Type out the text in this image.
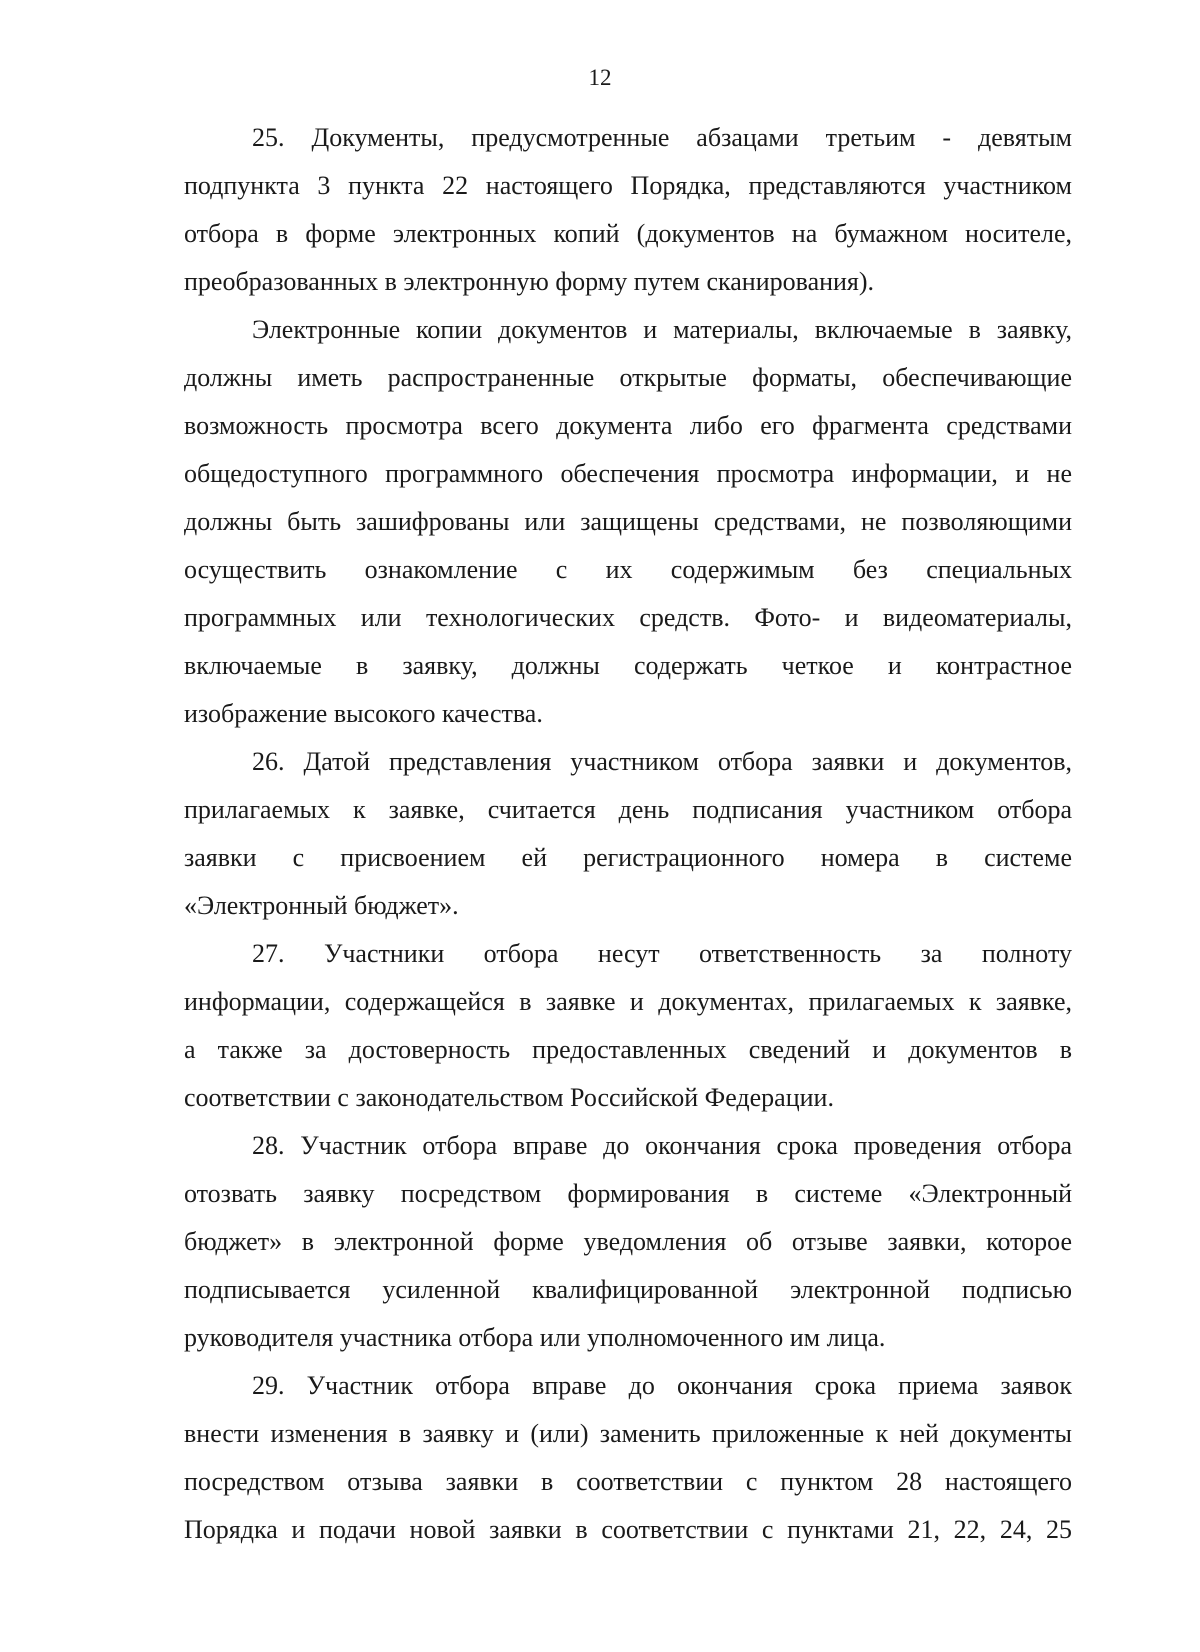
12
25. Документы, предусмотренные абзацами третьим - девятым
подпункта 3 пункта 22 настоящего Порядка, представляются участником
отбора в форме электронных копий (документов на бумажном носителе,
преобразованных в электронную форму путем сканирования).
Электронные копии документов и материалы, включаемые в заявку,
должны иметь распространенные открытые форматы, обеспечивающие
возможность просмотра всего документа либо его фрагмента средствами
общедоступного программного обеспечения просмотра информации, и не
должны быть зашифрованы или защищены средствами, не позволяющими
осуществить ознакомление с их содержимым без специальных
программных или технологических средств. Фото- и видеоматериалы,
включаемые в заявку, должны содержать четкое и контрастное
изображение высокого качества.
26. Датой представления участником отбора заявки и документов,
прилагаемых к заявке, считается день подписания участником отбора
заявки с присвоением ей регистрационного номера в системе
«Электронный бюджет».
27. Участники отбора несут ответственность за полноту
информации, содержащейся в заявке и документах, прилагаемых к заявке,
а также за достоверность предоставленных сведений и документов в
соответствии с законодательством Российской Федерации.
28. Участник отбора вправе до окончания срока проведения отбора
отозвать заявку посредством формирования в системе «Электронный
бюджет» в электронной форме уведомления об отзыве заявки, которое
подписывается усиленной квалифицированной электронной подписью
руководителя участника отбора или уполномоченного им лица.
29. Участник отбора вправе до окончания срока приема заявок
внести изменения в заявку и (или) заменить приложенные к ней документы
посредством отзыва заявки в соответствии с пунктом 28 настоящего
Порядка и подачи новой заявки в соответствии с пунктами 21, 22, 24, 25
